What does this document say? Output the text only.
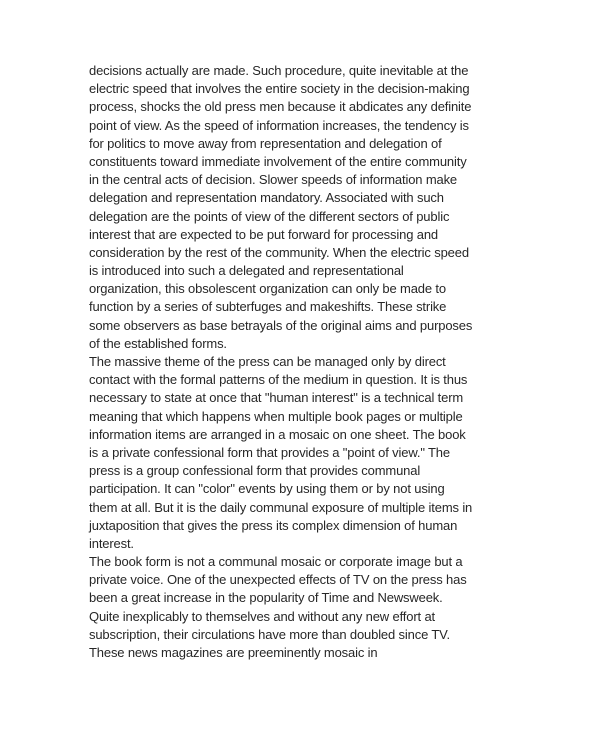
decisions actually are made. Such procedure, quite inevitable at the
electric speed that involves the entire society in the decision-making
process, shocks the old press men because it abdicates any definite
point of view. As the speed of information increases, the tendency is
for politics to move away from representation and delegation of
constituents toward immediate involvement of the entire community
in the central acts of decision. Slower speeds of information make
delegation and representation mandatory. Associated with such
delegation are the points of view of the different sectors of public
interest that are expected to be put forward for processing and
consideration by the rest of the community. When the electric speed
is introduced into such a delegated and representational
organization, this obsolescent organization can only be made to
function by a series of subterfuges and makeshifts. These strike
some observers as base betrayals of the original aims and purposes
of the established forms.

The massive theme of the press can be managed only by direct
contact with the formal patterns of the medium in question. It is thus
necessary to state at once that "human interest" is a technical term
meaning that which happens when multiple book pages or multiple
information items are arranged in a mosaic on one sheet. The book
is a private confessional form that provides a "point of view." The
press is a group confessional form that provides communal
participation. It can "color" events by using them or by not using
them at all. But it is the daily communal exposure of multiple items in
juxtaposition that gives the press its complex dimension of human
interest.

The book form is not a communal mosaic or corporate image but a
private voice. One of the unexpected effects of TV on the press has
been a great increase in the popularity of Time and Newsweek.
Quite inexplicably to themselves and without any new effort at
subscription, their circulations have more than doubled since TV.
These news magazines are preeminently mosaic in
